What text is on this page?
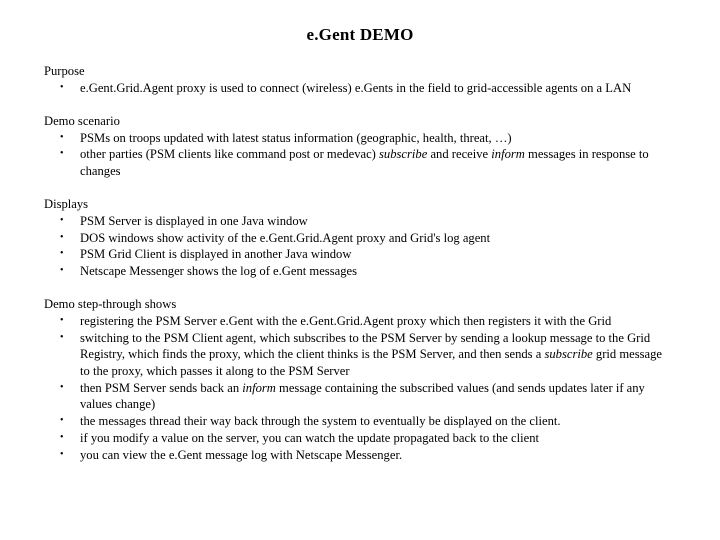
e.Gent DEMO
Purpose
• e.Gent.Grid.Agent proxy is used to connect (wireless) e.Gents in the field to grid-accessible agents on a LAN
Demo scenario
• PSMs on troops updated with latest status information (geographic, health, threat, …)
• other parties (PSM clients like command post or medevac) subscribe and receive inform messages in response to changes
Displays
• PSM Server is displayed in one Java window
• DOS windows show activity of the e.Gent.Grid.Agent proxy and Grid's log agent
• PSM Grid Client is displayed in another Java window
• Netscape Messenger shows the log of e.Gent messages
Demo step-through shows
• registering the PSM Server e.Gent with the e.Gent.Grid.Agent proxy which then registers it with the Grid
• switching to the PSM Client agent, which subscribes to the PSM Server by sending a lookup message to the Grid Registry, which finds the proxy, which the client thinks is the PSM Server, and then sends a subscribe grid message to the proxy, which passes it along to the PSM Server
• then PSM Server sends back an inform message containing the subscribed values (and sends updates later if any values change)
• the messages thread their way back through the system to eventually be displayed on the client.
• if you modify a value on the server, you can watch the update propagated back to the client
• you can view the e.Gent message log with Netscape Messenger.
